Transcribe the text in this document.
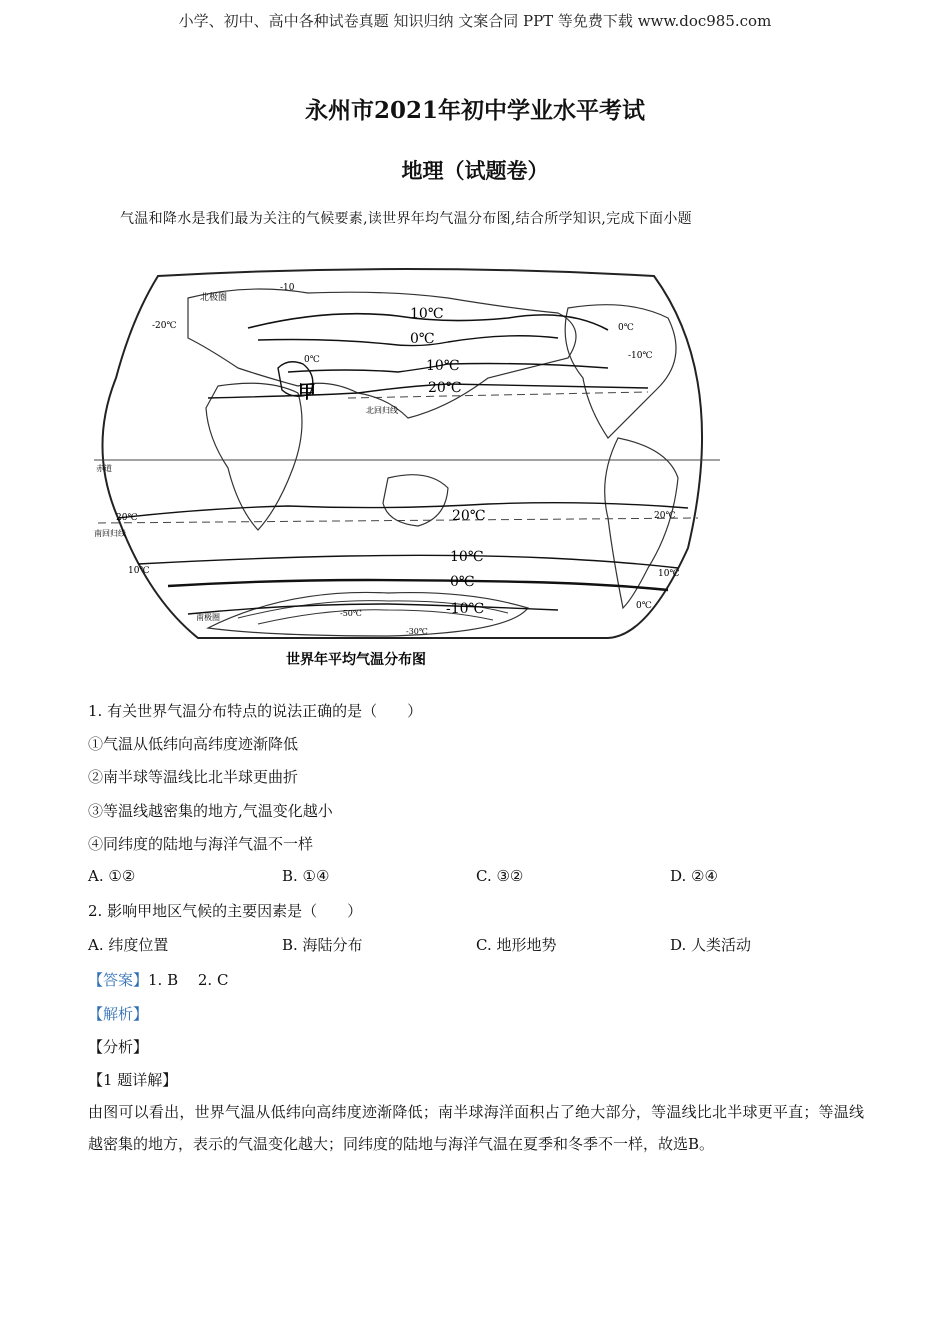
小学、初中、高中各种试卷真题 知识归纳 文案合同 PPT 等免费下载 www.doc985.com
永州市2021年初中学业水平考试
地理（试题卷）
气温和降水是我们最为关注的气候要素,读世界年均气温分布图,结合所学知识,完成下面小题
北极圈
北回归线
赤道
南回归线
南极圈
甲
10℃
0℃
10℃
20℃
20℃
10℃
0℃
-10℃
-50℃
-30℃
-10
0℃
-20℃
20℃	20℃
10℃	10℃
0℃
0℃
-10℃
世界年平均气温分布图
1. 有关世界气温分布特点的说法正确的是（　　）
①气温从低纬向高纬度迹渐降低
②南半球等温线比北半球更曲折
③等温线越密集的地方,气温变化越小
④同纬度的陆地与海洋气温不一样
A. ①②	B. ①④	C. ③②	D. ②④
2. 影响甲地区气候的主要因素是（　　）
A. 纬度位置	B. 海陆分布	C. 地形地势	D. 人类活动
【答案】1. B　 2. C
【解析】
【分析】
【1 题详解】
由图可以看出，世界气温从低纬向高纬度迹渐降低；南半球海洋面积占了绝大部分，等温线比北半球更平直；等温线越密集的地方，表示的气温变化越大；同纬度的陆地与海洋气温在夏季和冬季不一样，故选B。
